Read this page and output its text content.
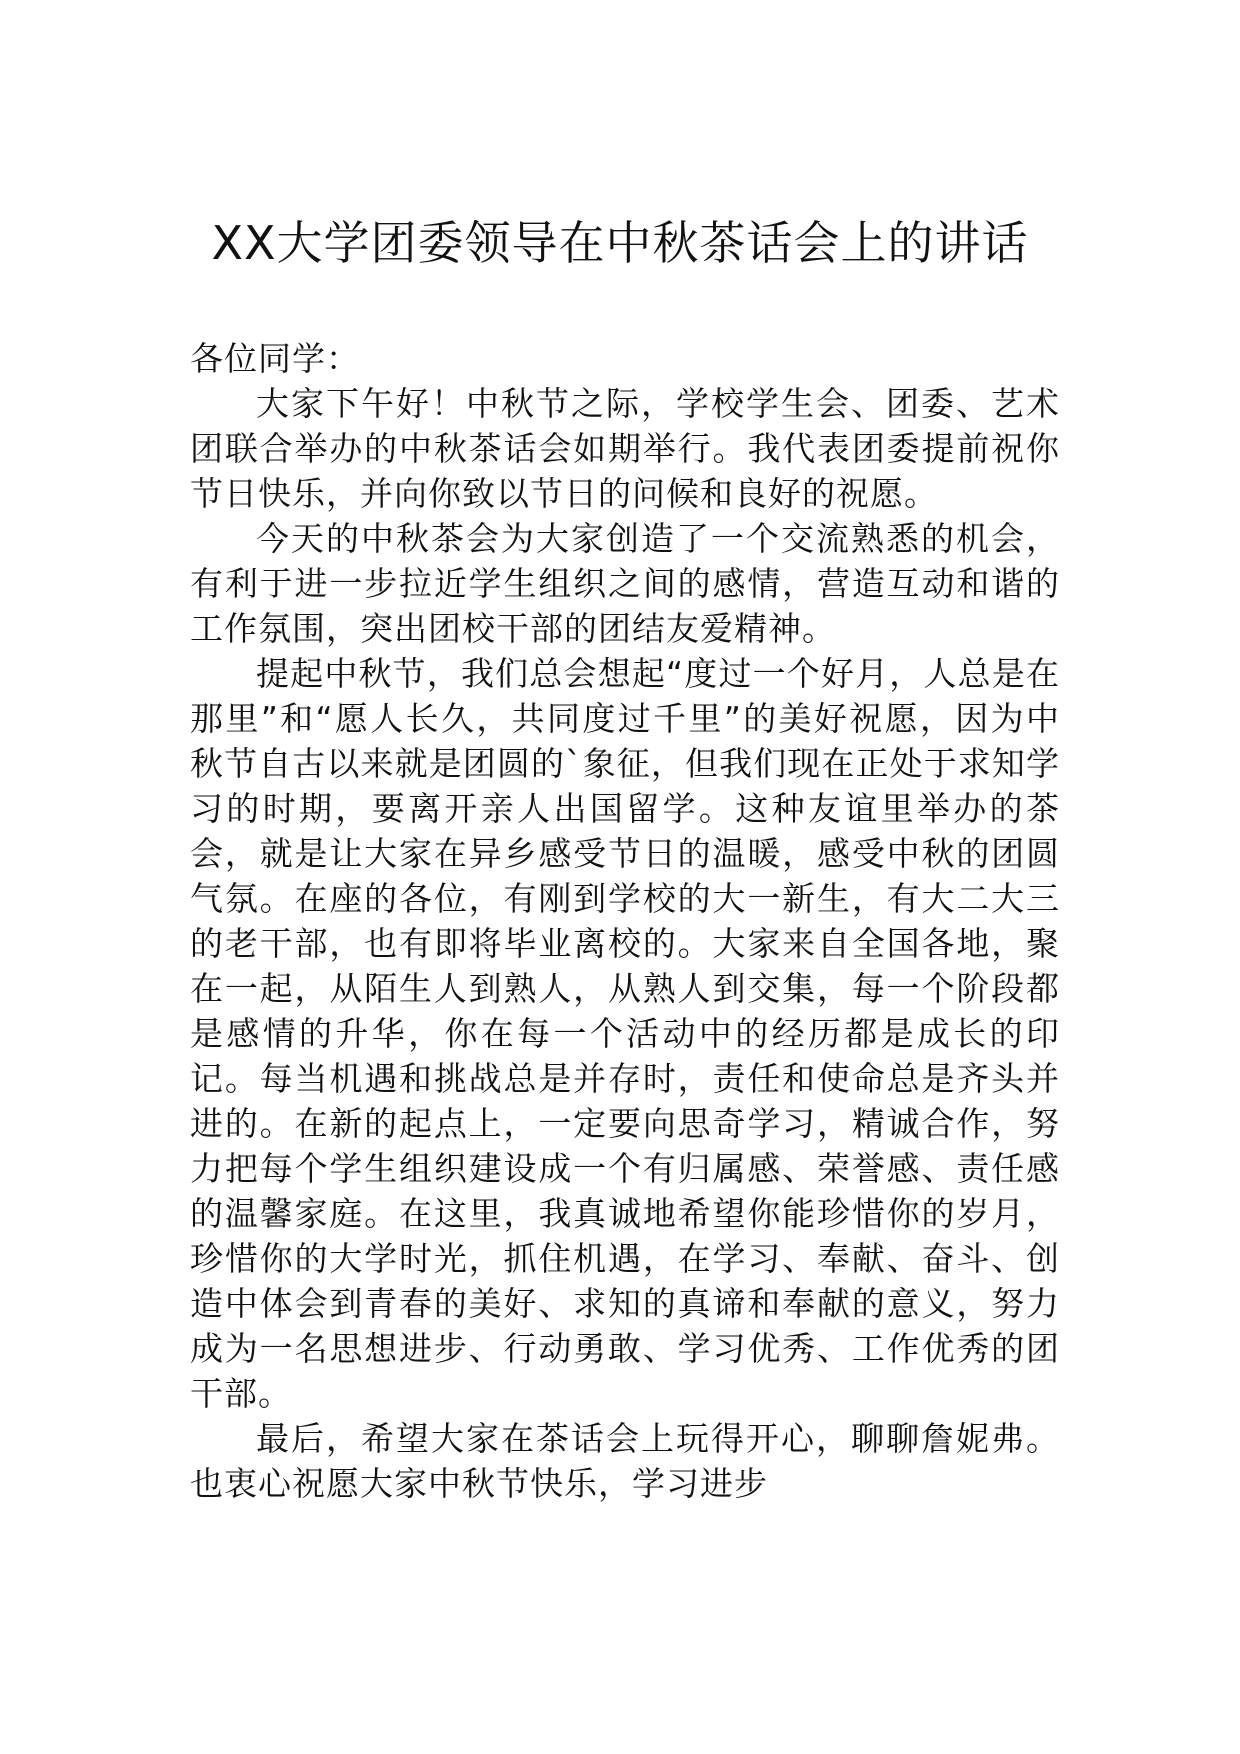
XX大学团委领导在中秋茶话会上的讲话

各位同学：

大家下午好！中秋节之际，学校学生会、团委、艺术团联合举办的中秋茶话会如期举行。我代表团委提前祝你节日快乐，并向你致以节日的问候和良好的祝愿。

今天的中秋茶会为大家创造了一个交流熟悉的机会，有利于进一步拉近学生组织之间的感情，营造互动和谐的工作氛围，突出团校干部的团结友爱精神。

提起中秋节，我们总会想起“度过一个好月，人总是在那里”和“愿人长久，共同度过千里”的美好祝愿，因为中秋节自古以来就是团圆的`象征，但我们现在正处于求知学习的时期，要离开亲人出国留学。这种友谊里举办的茶会，就是让大家在异乡感受节日的温暖，感受中秋的团圆气氛。在座的各位，有刚到学校的大一新生，有大二大三的老干部，也有即将毕业离校的。大家来自全国各地，聚在一起，从陌生人到熟人，从熟人到交集，每一个阶段都是感情的升华，你在每一个活动中的经历都是成长的印记。每当机遇和挑战总是并存时，责任和使命总是齐头并进的。在新的起点上，一定要向思奇学习，精诚合作，努力把每个学生组织建设成一个有归属感、荣誉感、责任感的温馨家庭。在这里，我真诚地希望你能珍惜你的岁月，珍惜你的大学时光，抓住机遇，在学习、奉献、奋斗、创造中体会到青春的美好、求知的真谛和奉献的意义，努力成为一名思想进步、行动勇敢、学习优秀、工作优秀的团干部。

最后，希望大家在茶话会上玩得开心，聊聊詹妮弗。也衷心祝愿大家中秋节快乐，学习进步
